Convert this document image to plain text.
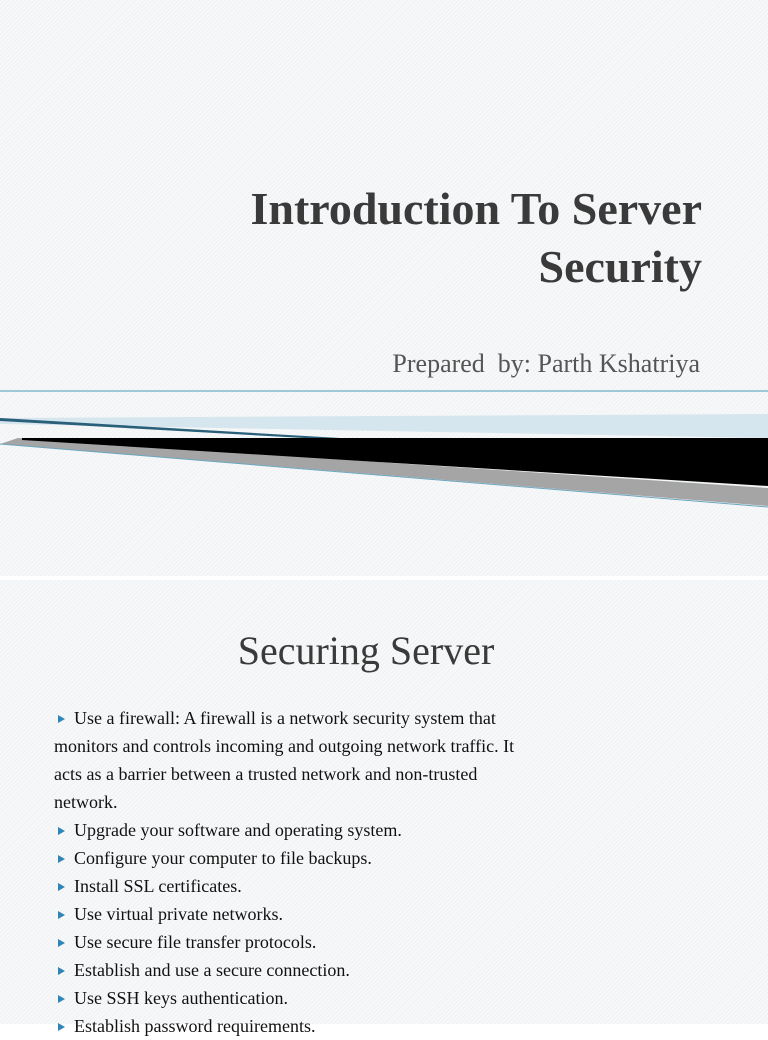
Introduction To Server
Security
Prepared  by: Parth Kshatriya
Securing Server
Use a firewall: A firewall is a network security system that
monitors and controls incoming and outgoing network traffic. It
acts as a barrier between a trusted network and non-trusted
network.
Upgrade your software and operating system.
Configure your computer to file backups.
Install SSL certificates.
Use virtual private networks.
Use secure file transfer protocols.
Establish and use a secure connection.
Use SSH keys authentication.
Establish password requirements.
